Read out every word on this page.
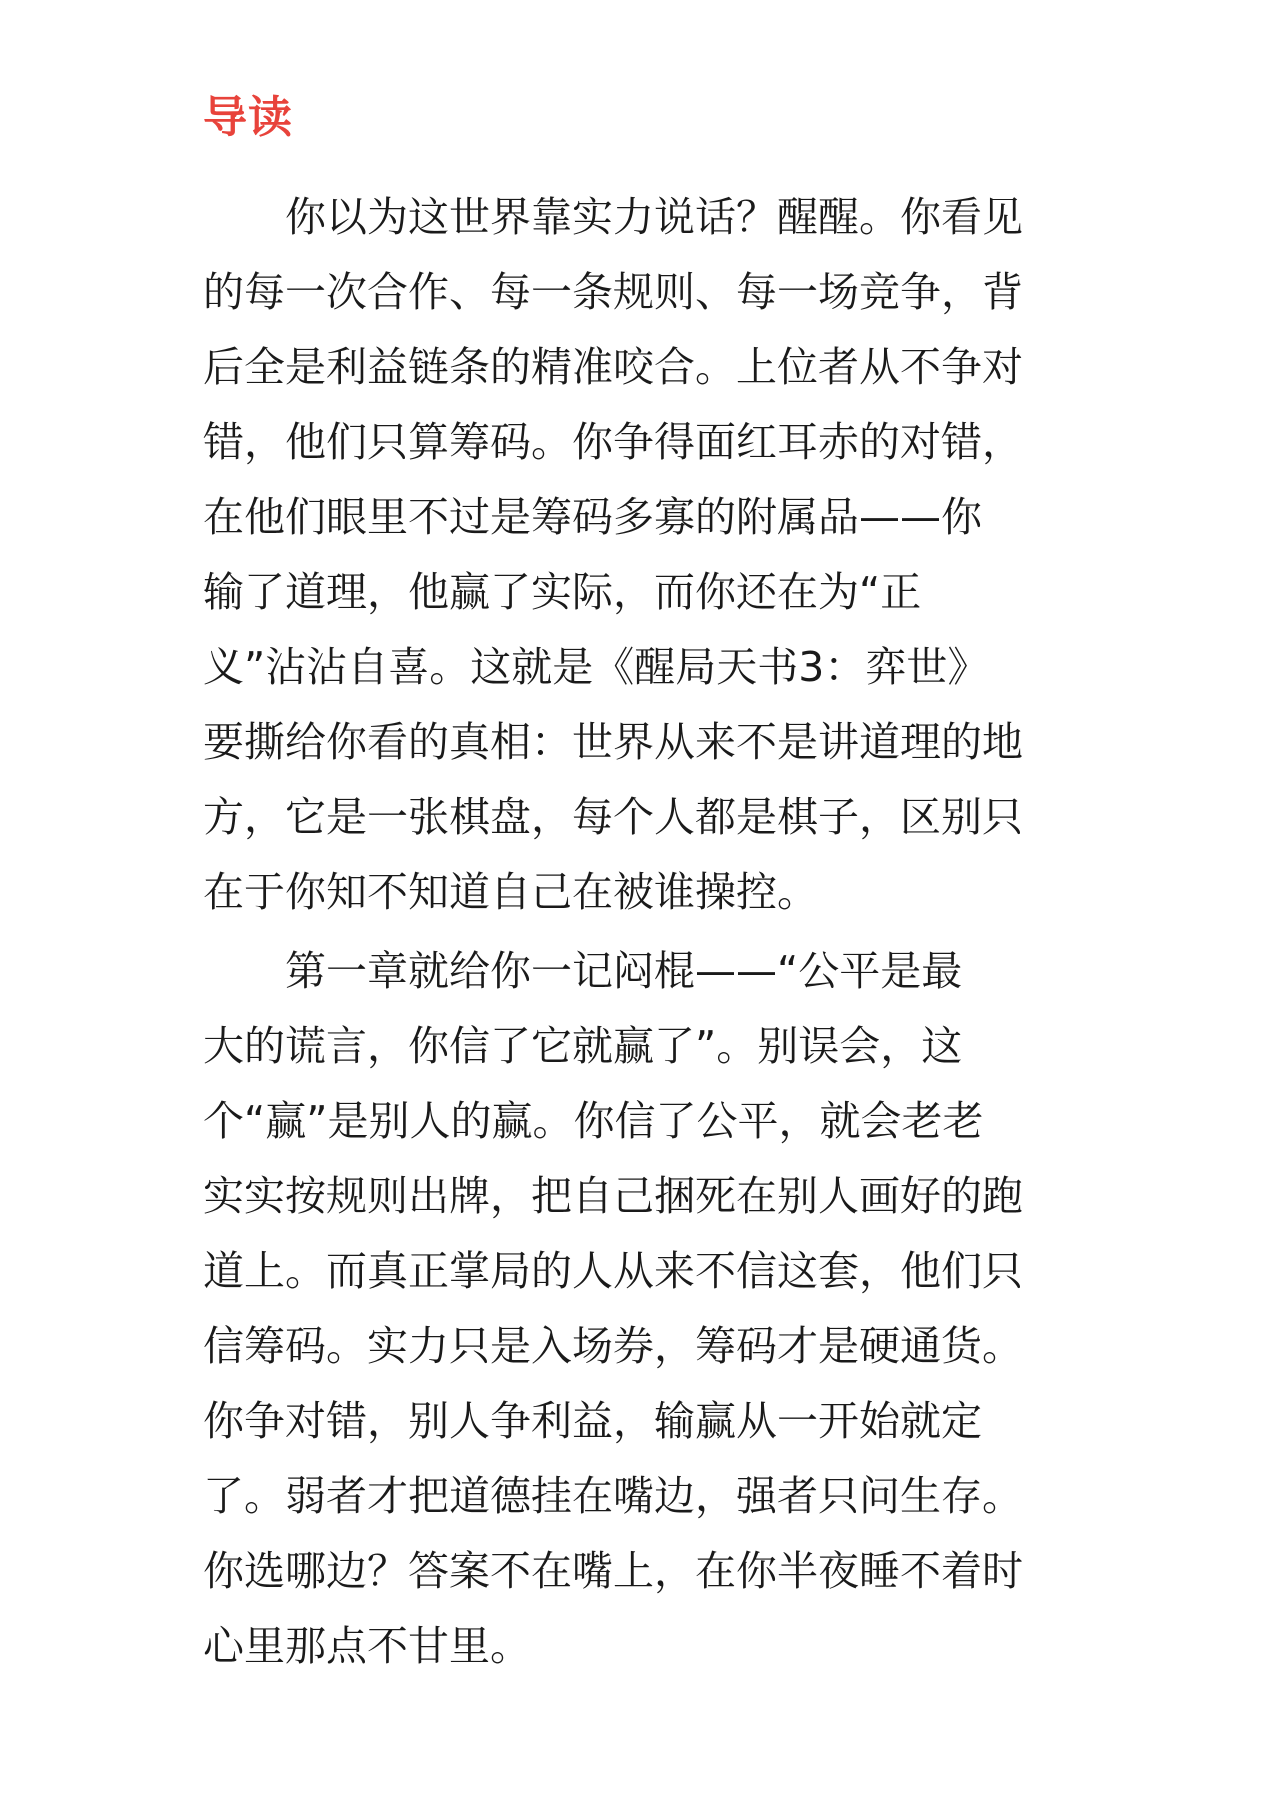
导读

　　你以为这世界靠实力说话？醒醒。你看见
的每一次合作、每一条规则、每一场竞争，背
后全是利益链条的精准咬合。上位者从不争对
错，他们只算筹码。你争得面红耳赤的对错，
在他们眼里不过是筹码多寡的附属品——你
输了道理，他赢了实际，而你还在为“正
义”沾沾自喜。这就是《醒局天书3：弈世》
要撕给你看的真相：世界从来不是讲道理的地
方，它是一张棋盘，每个人都是棋子，区别只
在于你知不知道自己在被谁操控。

　　第一章就给你一记闷棍——“公平是最
大的谎言，你信了它就赢了”。别误会，这
个“赢”是别人的赢。你信了公平，就会老老
实实按规则出牌，把自己捆死在别人画好的跑
道上。而真正掌局的人从来不信这套，他们只
信筹码。实力只是入场券，筹码才是硬通货。
你争对错，别人争利益，输赢从一开始就定
了。弱者才把道德挂在嘴边，强者只问生存。
你选哪边？答案不在嘴上，在你半夜睡不着时
心里那点不甘里。
